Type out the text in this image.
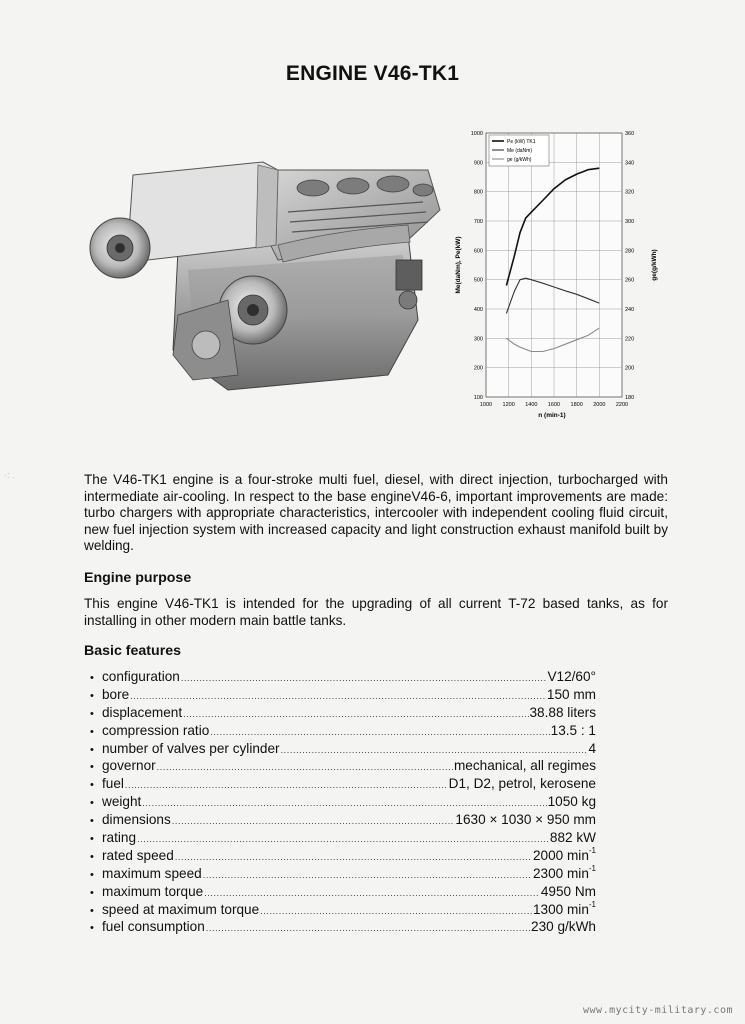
ENGINE V46-TK1
1000 1200 1400 1600 1800 2000 2200
100
200
300
400
500
600
700
800
900
1000
180
200
220
240
260
280
300
320
340
360
Pe (kW) TK1
Me (daNm)
ge (g/kWh)
n (min-1)
Me(daNm), Pe(kW)	ge(g/kWh)

The V46-TK1 engine is a four-stroke multi fuel, diesel, with direct injection, turbocharged with intermediate air-cooling. In respect to the base engineV46-6, important improvements are made: turbo chargers with appropriate characteristics, intercooler with independent cooling fluid circuit, new fuel injection system with increased capacity and light construction exhaust manifold built by welding.

Engine purpose

This engine V46-TK1 is intended for the upgrading of all current T-72 based tanks, as for installing in other modern main battle tanks.

Basic features
• configuration .....	V12/60°
• bore .....	150 mm
• displacement .....	38.88 liters
• compression ratio .....	13.5 : 1
• number of valves per cylinder .....	4
• governor .....	mechanical, all regimes
• fuel .....	D1, D2, petrol, kerosene
• weight .....	1050 kg
• dimensions .....	1630 × 1030 × 950 mm
• rating .....	882 kW
• rated speed .....	2000 $\min^{-1}$
• maximum speed .....	2300 $\min^{-1}$
• maximum torque .....	4950 Nm
• speed at maximum torque .....	1300 $\min^{-1}$
• fuel consumption .....	230 g/kWh
·: .
www.mycity-military.com
